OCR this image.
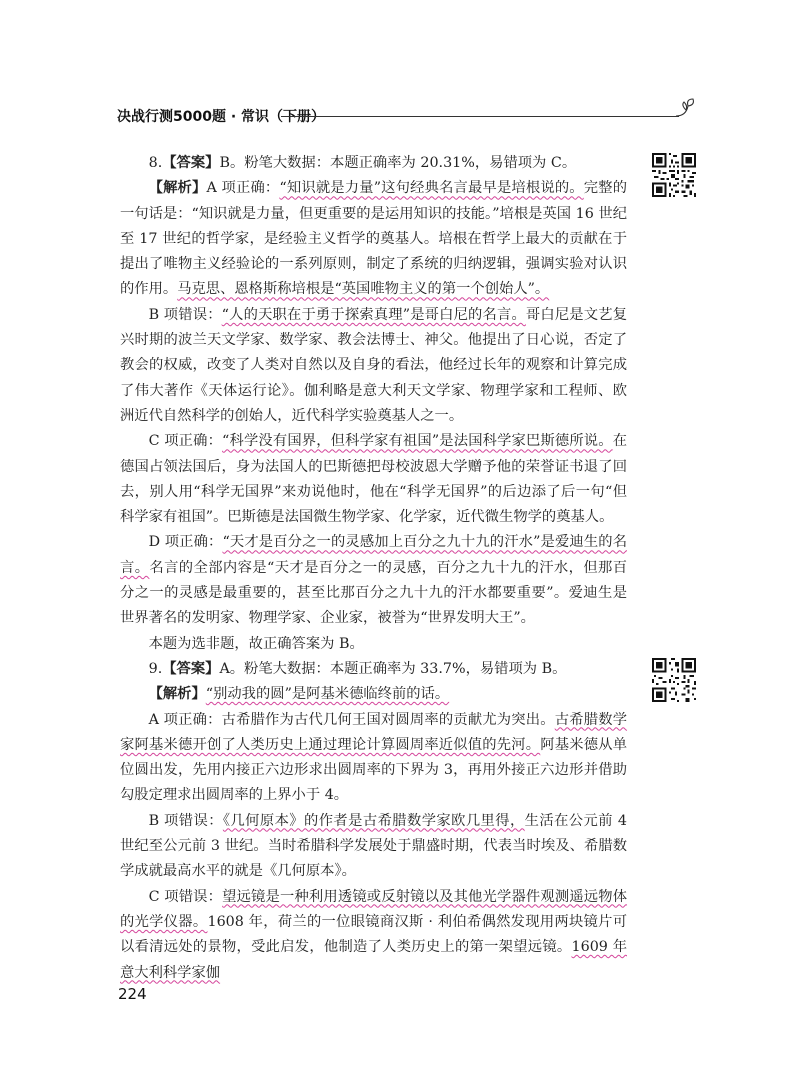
决战行测5000题 · 常识（下册）

8.【答案】B。粉笔大数据：本题正确率为 20.31%，易错项为 C。

【解析】A 项正确：“知识就是力量”这句经典名言最早是培根说的。完整的一句话是：“知识就是力量，但更重要的是运用知识的技能。”培根是英国 16 世纪至 17 世纪的哲学家，是经验主义哲学的奠基人。培根在哲学上最大的贡献在于提出了唯物主义经验论的一系列原则，制定了系统的归纳逻辑，强调实验对认识的作用。马克思、恩格斯称培根是“英国唯物主义的第一个创始人”。

B 项错误：“人的天职在于勇于探索真理”是哥白尼的名言。哥白尼是文艺复兴时期的波兰天文学家、数学家、教会法博士、神父。他提出了日心说，否定了教会的权威，改变了人类对自然以及自身的看法，他经过长年的观察和计算完成了伟大著作《天体运行论》。伽利略是意大利天文学家、物理学家和工程师、欧洲近代自然科学的创始人，近代科学实验奠基人之一。

C 项正确：“科学没有国界，但科学家有祖国”是法国科学家巴斯德所说。在德国占领法国后，身为法国人的巴斯德把母校波恩大学赠予他的荣誉证书退了回去，别人用“科学无国界”来劝说他时，他在“科学无国界”的后边添了后一句“但科学家有祖国”。巴斯德是法国微生物学家、化学家，近代微生物学的奠基人。

D 项正确：“天才是百分之一的灵感加上百分之九十九的汗水”是爱迪生的名言。名言的全部内容是“天才是百分之一的灵感，百分之九十九的汗水，但那百分之一的灵感是最重要的，甚至比那百分之九十九的汗水都要重要”。爱迪生是世界著名的发明家、物理学家、企业家，被誉为“世界发明大王”。

本题为选非题，故正确答案为 B。

9.【答案】A。粉笔大数据：本题正确率为 33.7%，易错项为 B。

【解析】“别动我的圆”是阿基米德临终前的话。

A 项正确：古希腊作为古代几何王国对圆周率的贡献尤为突出。古希腊数学家阿基米德开创了人类历史上通过理论计算圆周率近似值的先河。阿基米德从单位圆出发，先用内接正六边形求出圆周率的下界为 3，再用外接正六边形并借助勾股定理求出圆周率的上界小于 4。

B 项错误：《几何原本》的作者是古希腊数学家欧几里得，生活在公元前 4 世纪至公元前 3 世纪。当时希腊科学发展处于鼎盛时期，代表当时埃及、希腊数学成就最高水平的就是《几何原本》。

C 项错误：望远镜是一种利用透镜或反射镜以及其他光学器件观测遥远物体的光学仪器。1608 年，荷兰的一位眼镜商汉斯 · 利伯希偶然发现用两块镜片可以看清远处的景物，受此启发，他制造了人类历史上的第一架望远镜。1609 年意大利科学家伽

224
